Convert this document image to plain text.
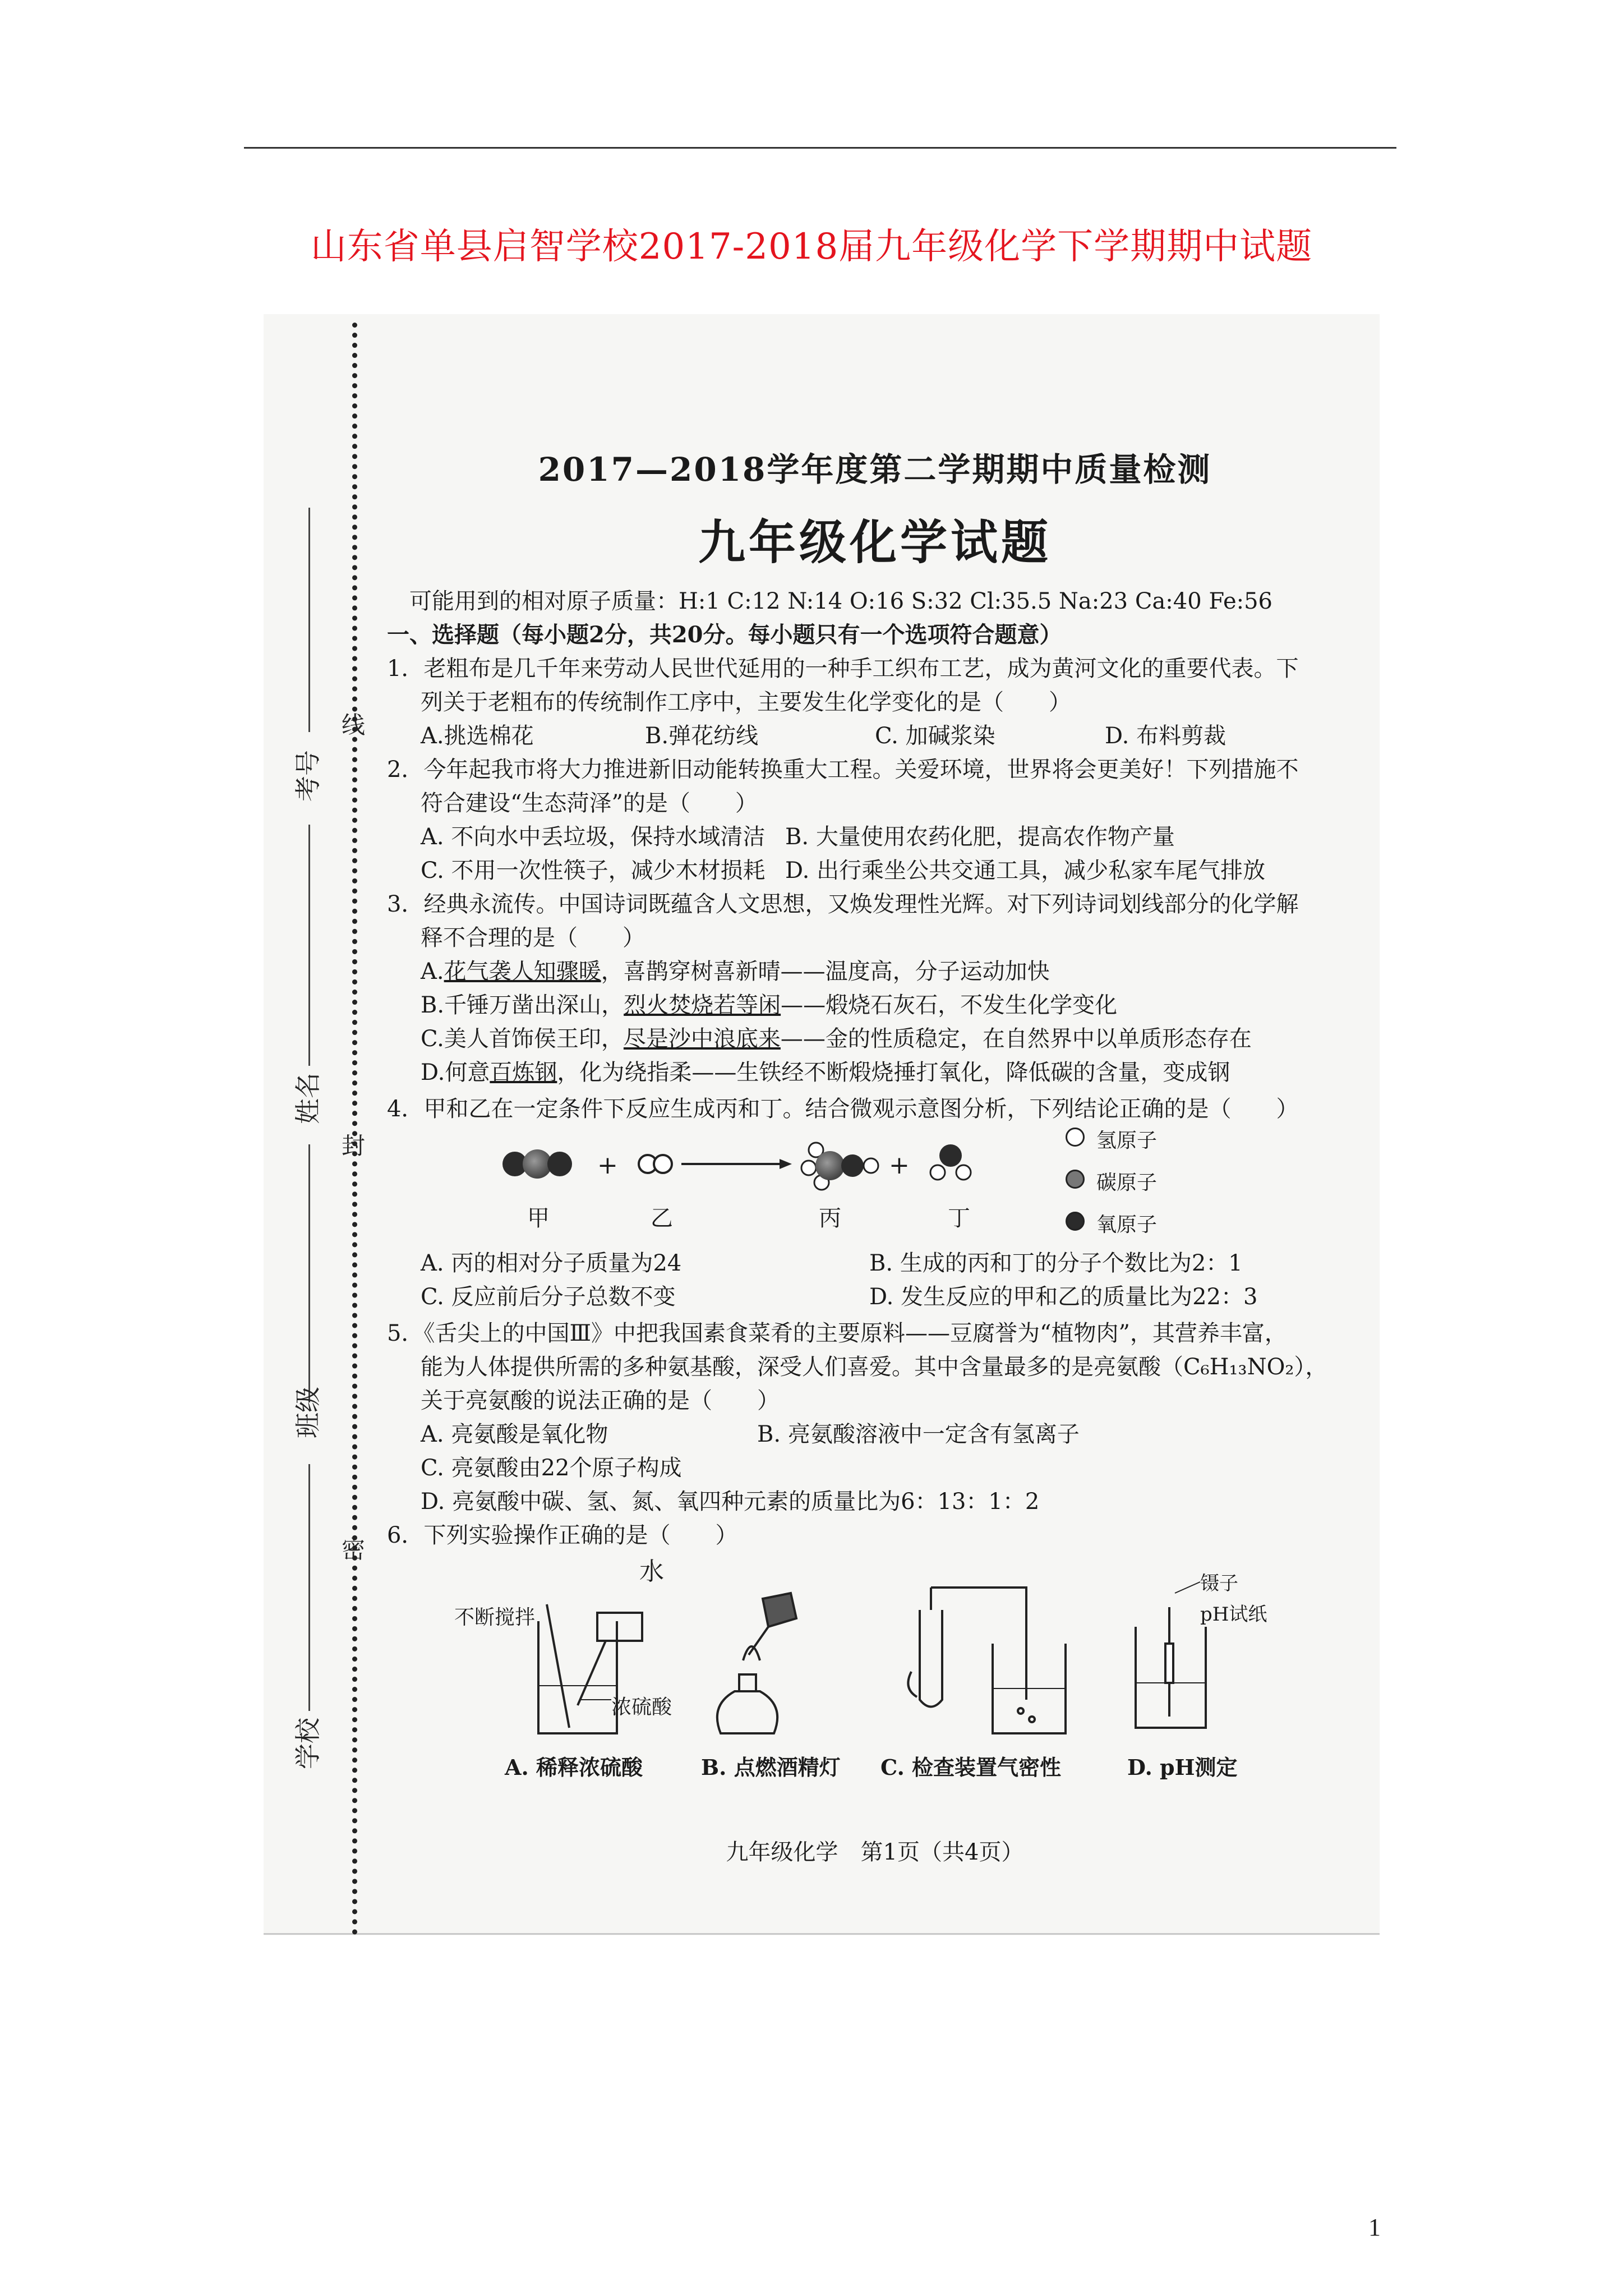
山东省单县启智学校2017-2018届九年级化学下学期期中试题
线
封
密
考号
姓名
班级
学校
2017—2018学年度第二学期期中质量检测
九年级化学试题
可能用到的相对原子质量：H:1 C:12 N:14 O:16 S:32 Cl:35.5 Na:23 Ca:40 Fe:56
一、选择题（每小题2分，共20分。每小题只有一个选项符合题意）
1．老粗布是几千年来劳动人民世代延用的一种手工织布工艺，成为黄河文化的重要代表。下
列关于老粗布的传统制作工序中，主要发生化学变化的是（　　）
A.挑选棉花	B.弹花纺线	C. 加碱浆染	D. 布料剪裁
2．今年起我市将大力推进新旧动能转换重大工程。关爱环境，世界将会更美好！下列措施不
符合建设“生态菏泽”的是（　　）
A. 不向水中丢垃圾，保持水域清洁 B. 大量使用农药化肥，提高农作物产量
C. 不用一次性筷子，减少木材损耗 D. 出行乘坐公共交通工具，减少私家车尾气排放
3．经典永流传。中国诗词既蕴含人文思想，又焕发理性光辉。对下列诗词划线部分的化学解
释不合理的是（　　）
A.花气袭人知骤暖，喜鹊穿树喜新晴——温度高，分子运动加快
B.千锤万凿出深山，烈火焚烧若等闲——煅烧石灰石，不发生化学变化
C.美人首饰侯王印，尽是沙中浪底来——金的性质稳定，在自然界中以单质形态存在
D.何意百炼钢，化为绕指柔——生铁经不断煅烧捶打氧化，降低碳的含量，变成钢
4．甲和乙在一定条件下反应生成丙和丁。结合微观示意图分析，下列结论正确的是（　　）
+	+
甲	乙	丙	丁
氢原子
碳原子
氧原子
A. 丙的相对分子质量为24	B. 生成的丙和丁的分子个数比为2：1
C. 反应前后分子总数不变	D. 发生反应的甲和乙的质量比为22：3
5．《舌尖上的中国Ⅲ》中把我国素食菜肴的主要原料——豆腐誉为“植物肉”，其营养丰富，
能为人体提供所需的多种氨基酸，深受人们喜爱。其中含量最多的是亮氨酸（C₆H₁₃NO₂），
关于亮氨酸的说法正确的是（　　）
A. 亮氨酸是氧化物	B. 亮氨酸溶液中一定含有氢离子
C. 亮氨酸由22个原子构成
D. 亮氨酸中碳、氢、氮、氧四种元素的质量比为6：13：1：2
6．下列实验操作正确的是（　　）
水
不断搅拌
浓硫酸
镊子
pH试纸
A. 稀释浓硫酸	B. 点燃酒精灯 C. 检查装置气密性	D. pH测定
九年级化学　第1页（共4页）
1
